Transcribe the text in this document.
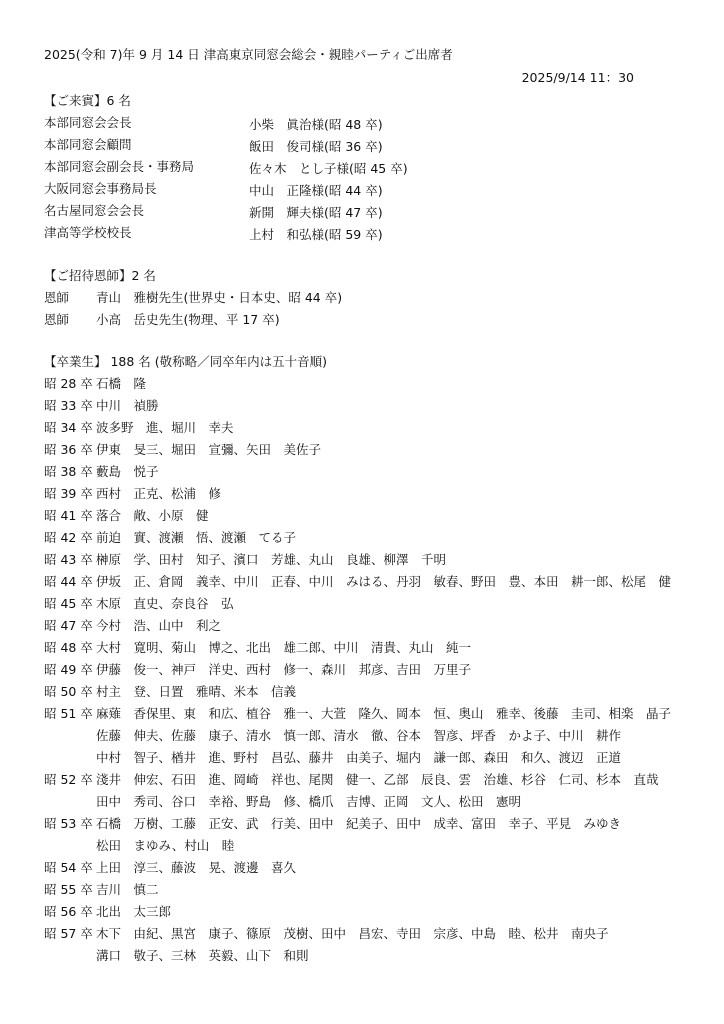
2025(令和 7)年 9 月 14 日 津高東京同窓会総会・親睦パーティご出席者
2025/9/14 11：30
【ご来賓】6 名
本部同窓会会長	小柴　眞治様(昭 48 卒)
本部同窓会顧問	飯田　俊司様(昭 36 卒)
本部同窓会副会長・事務局	佐々木　とし子様(昭 45 卒)
大阪同窓会事務局長	中山　正隆様(昭 44 卒)
名古屋同窓会会長	新開　輝夫様(昭 47 卒)
津高等学校校長	上村　和弘様(昭 59 卒)
【ご招待恩師】2 名
恩師 青山　雅樹先生(世界史・日本史、昭 44 卒)
恩師 小高　岳史先生(物理、平 17 卒)
【卒業生】 188 名 (敬称略／同卒年内は五十音順)
昭 28 卒 石橋　隆
昭 33 卒 中川　禎勝
昭 34 卒 波多野　進、堀川　幸夫
昭 36 卒 伊東　旻三、堀田　宣彌、矢田　美佐子
昭 38 卒 藪島　悦子
昭 39 卒 西村　正克、松浦　修
昭 41 卒 落合　敞、小原　健
昭 42 卒 前迫　實、渡瀬　悟、渡瀬　てる子
昭 43 卒 榊原　学、田村　知子、濱口　芳雄、丸山　良雄、柳澤　千明
昭 44 卒 伊坂　正、倉岡　義幸、中川　正春、中川　みはる、丹羽　敏春、野田　豊、本田　耕一郎、松尾　健
昭 45 卒 木原　直史、奈良谷　弘
昭 47 卒 今村　浩、山中　利之
昭 48 卒 大村　寛明、菊山　博之、北出　雄二郎、中川　清貴、丸山　純一
昭 49 卒 伊藤　俊一、神戸　洋史、西村　修一、森川　邦彦、吉田　万里子
昭 50 卒 村主　登、日置　雅晴、米本　信義
昭 51 卒 麻薙　香保里、東　和広、植谷　雅一、大萱　隆久、岡本　恒、奥山　雅幸、後藤　圭司、相楽　晶子
佐藤　伸夫、佐藤　康子、清水　慎一郎、清水　徹、谷本　智彦、坪香　かよ子、中川　耕作
中村　智子、楢井　進、野村　昌弘、藤井　由美子、堀内　謙一郎、森田　和久、渡辺　正道
昭 52 卒 淺井　伸宏、石田　進、岡崎　祥也、尾関　健一、乙部　辰良、雲　治雄、杉谷　仁司、杉本　直哉
田中　秀司、谷口　幸裕、野島　修、橋爪　吉博、正岡　文人、松田　憲明
昭 53 卒 石橋　万樹、工藤　正安、武　行美、田中　紀美子、田中　成幸、富田　幸子、平見　みゆき
松田　まゆみ、村山　睦
昭 54 卒 上田　淳三、藤波　晃、渡邊　喜久
昭 55 卒 吉川　慎二
昭 56 卒 北出　太三郎
昭 57 卒 木下　由紀、黒宮　康子、篠原　茂樹、田中　昌宏、寺田　宗彦、中島　睦、松井　南央子
溝口　敬子、三林　英毅、山下　和則
